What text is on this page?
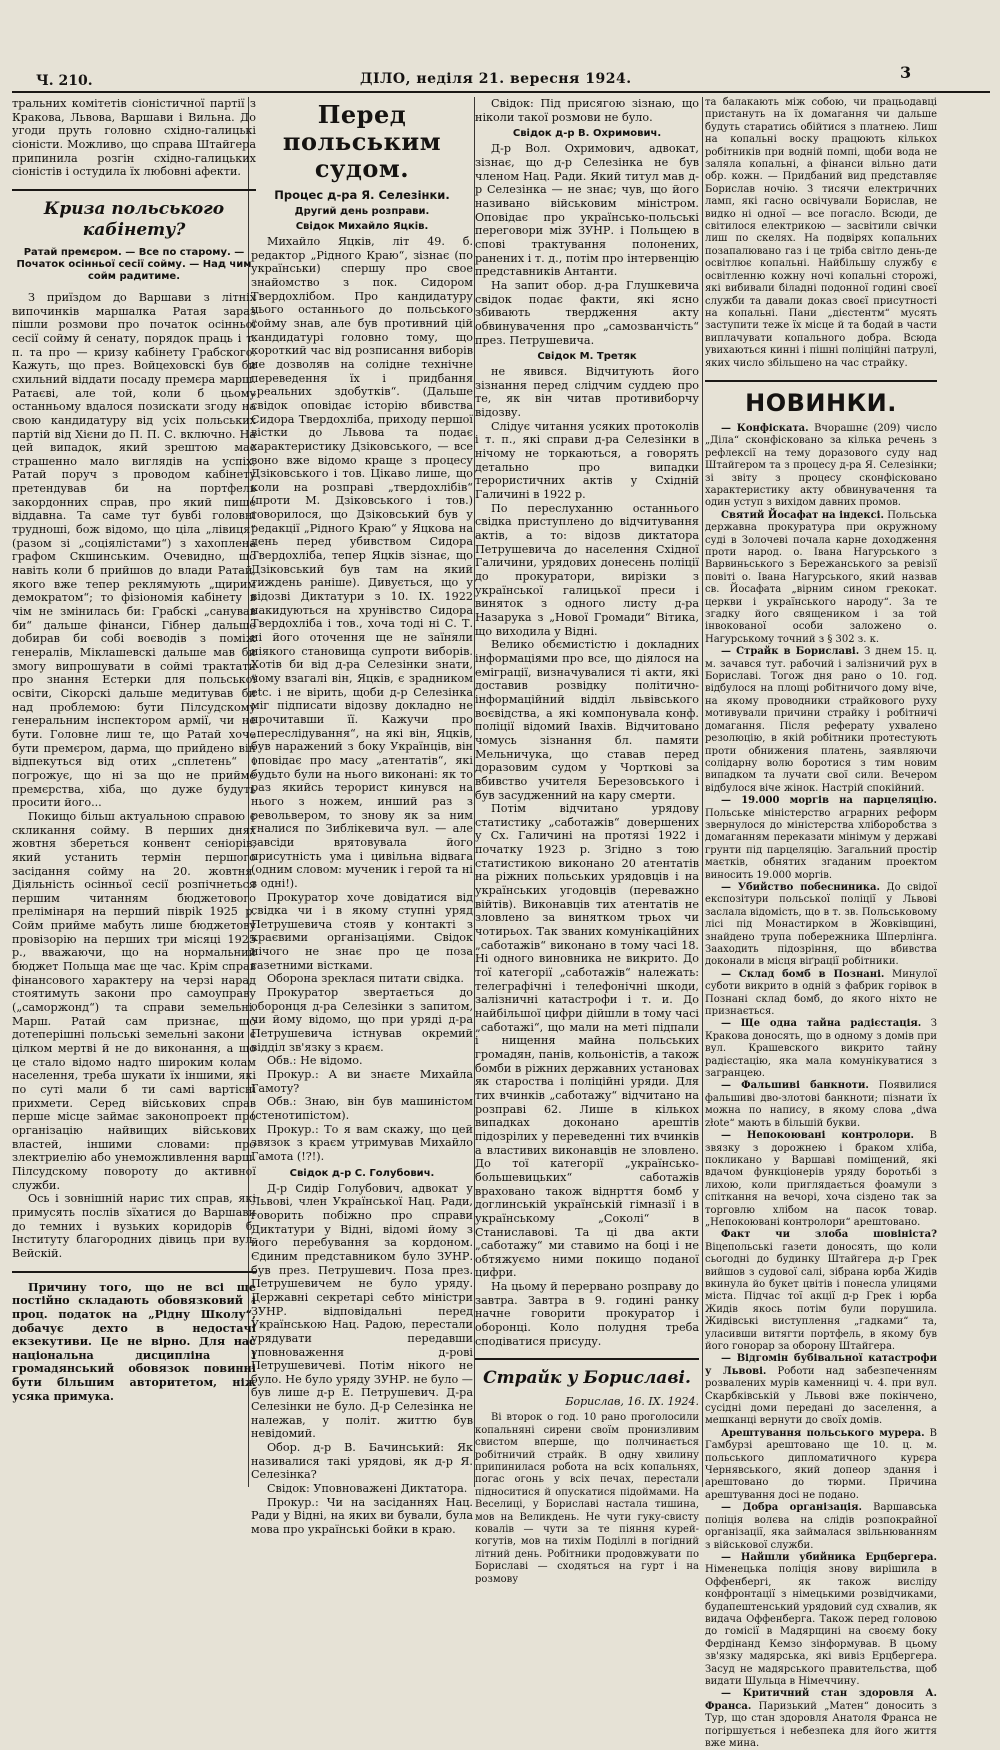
Ч. 210.	ДІЛО, неділя 21. вересня 1924.	3

тральних комітетів сіоністичної партії з Кракова, Львова, Варшави і Вильна. До угоди пруть головно східно-галицькі сіоністи. Можливо, що справа Штайгера припинила розгін східно-галицьких сіоністів і остудила їх любовні афекти.

Криза польського кабінету?
Ратай премєром. — Все по старому. — Початок осінньої сесії сойму. — Над чим сойм радитиме.

З приїздом до Варшави з літніх випочинків маршалка Ратая зараз пішли розмови про початок осінньої сесії сойму й сенату, порядок праць і т. п. та про — кризу кабінету Грабского. Кажуть, що през. Войцеховскі був би схильний віддати посаду премєра марш. Ратаєві, але той, коли б цьому останньому вдалося позискати згоду на свою кандидатуру від усіх польських партій від Хієни до П. П. С. включно. На цей випадок, який зрештою має страшенно мало виглядів на успіх, Ратай поруч з проводом кабінету претендував би на портфель закордонних справ, про який пише віддавна. Та саме тут бувбі головні трудноші, бож відомо, що ціла „лівиця“ (разом зі „соціялістами“) з хахоплена графом Скшинським. Очевидно, що навіть коли б прийшов до влади Ратай, якого вже тепер реклямують „щирим демократом“; то фізіономія кабінету в чім не змінилась би: Грабскі „санував би“ дальше фінанси, Гібнер дальше добирав би собі воєводів з поміж генералів, Міклашевскі дальше мав би змогу випрошувати в соймі трактати про знання Естерки для польської освіти, Сікорскі дальше медитував би над проблемою: бути Пілсудскому генеральним інспектором армії, чи не бути. Головне лиш те, що Ратай хоче бути премєром, дарма, що прийдено він відпекуться від отих „сплетень“ і погрожує, що ні за що не прийме премєрства, хіба, що дуже будуть просити його...

Покищо більш актуальною справою є скликання сойму. В перших днях жовтня збереться конвент сеніорів, який устанить термін першого засідання сойму на 20. жовтня. Діяльність осінньої сесії розпічнеться першим читанням бюджетового прелімінаря на перший півріk 1925 р. Сойм прийме мабуть лише бюджетову провізорію на перших три місяці 1925 р., вважаючи, що на нормальний бюджет Польща має ще час. Крім справ фінансового характеру на черзі нарад стоятимуть закони про самоуправу („саморжонд“) та справи земельні. Марш. Ратай сам признає, що дотеперішні польські земельні закони є цілком мертві й не до виконання, а що це стало відомо надто широким колам населення, треба шукати їх іншими, які по суті мали б ти самі вартісні прихмети. Серед військових справ перше місце займає законопроект про організацію найвищих військових властей, іншими словами: про злектриелію або унеможливлення варш. Пілсудскому повороту до активної служби.

Ось і зовнішній нарис тих справ, які примусять послів зїхатися до Варшави до темних і вузьких коридорів б. Інституту благородних дівиць при вул. Вейскій.

Причину того, що не всі ще постійно складають обовязковий і проц. податок на „Рідну Школу“, добачує дехто в недостачі екзекутиви. Це не вірно. Для нас національна дисципліна і громадянський обовязок повинні бути більшим авторитетом, ніж усяка примука.

Перед польським судом.
Процес д-ра Я. Селезінки.
Другий день розправи.
Свідок Михайло Яцків.

Михайло Яцків, літ 49. б. редактор „Рідного Краю“, зізнає (по українськи) спершу про свое знайомство з пок. Сидором Твердохлібом. Про кандидатуру цього останнього до польського сойму знав, але був противний цій кандидатурі головно тому, що короткий час від розписання виборів не дозволяв на солідне технічне переведення їх і придбання „реальних здобутків“. (Дальше свідок оповідає історію вбивства Сидора Твердохліба, приходу першої вістки до Львова та подає характеристику Дзіковського, — все воно вже відомо краще з процесу Дзіковського і тов. Цікаво лише, що коли на розправі „твердохлібів“ (проти М. Дзіковського і тов.) говорилося, що Дзіковський був у редакції „Рідного Краю“ у Яцкова на день перед убивством Сидора Твердохліба, тепер Яцків зізнає, що Дзіковський був там на який тиждень раніше). Дивується, що у відозві Диктатури з 10. IX. 1922 накидуються на хрунівство Сидора Твердохліба і тов., хоча тоді ні С. Т. ні його оточення ще не заїняли ніякого становища супроти виборів. Хотів би від д-ра Селезінки знати, чому взагалі він, Яцків, є зрадником etc. і не вірить, щоби д-р Селезінка міг підписати відозву докладно не прочитавши її. Кажучи про „переслідування“, на які він, Яцків, був наражений з боку Українців, він оповідає про масу „атентатів“, які будьто були на нього виконані: як то раз якийсь терорист кинувся на нього з ножем, инший раз з револьвером, то знову як за ним гналися по Зиблікевича вул. — але завсіди врятовувала його присутність ума і цивільна відвага (одним словом: мученик і герой та ні з одні!).

Прокуратор хоче довідатися від свідка чи і в якому ступні уряд Петрушевича стояв у контакті з краєвими організаціями. Свідок нічого не знає про це поза газетними вістками.

Оборона зреклася питати свідка.

Прокуратор звертається до оборонця д-ра Селезінки з запитом, чи йому відомо, що при уряді д-ра Петрушевича істнував окремий відділ зв'язку з краєм.

Обв.: Не відомо.

Прокур.: А ви знаєте Михайла Гамоту?

Обв.: Знаю, він був машиністом (стенотипістом).

Прокур.: То я вам скажу, що цей звязок з краєм утримував Михайло Гамота (!?!).

Свідок д-р С. Голубович.

Д-р Сидір Голубович, адвокат у Львові, член Української Нац. Ради, говорить побіжно про справи Диктатури у Відні, відомі йому з його перебування за кордоном. Єдиним представником було ЗУНР. був през. Петрушевич. Поза през. Петрушевичем не було уряду. Державні секретарі себто міністри ЗУНР. відповідальні перед Українською Нац. Радою, перестали урядувати передавши уповноваження д-рові Петрушевичеві. Потім нікого не було. Не було уряду ЗУНР. не було — був лише д-р Е. Петрушевич. Д-ра Селезінки не було. Д-р Селезінка не належав, у політ. життю був невідомий.

Обор. д-р В. Бачинський: Як називалися такі урядові, як д-р Я. Селезінка?

Свідок: Уповноважені Диктатора.

Прокур.: Чи на засіданнях Нац. Ради у Відні, на яких ви бували, була мова про українські бойки в краю.

Свідок: Під присягою зізнаю, що ніколи такої розмови не було.

Свідок д-р В. Охримович.

Д-р Вол. Охримович, адвокат, зізнає, що д-р Селезінка не був членом Нац. Ради. Який титул мав д-р Селезінка — не знає; чув, що його називано військовим міністром. Оповідає про українсько-польські переговори між ЗУНР. і Польщею в спові трактування полонених, ранених і т. д., потім про інтервенцію представників Антанти.

На запит обор. д-ра Глушкевича свідок подає факти, які ясно збивають твердження акту обвинувачення про „самозванчість“ през. Петрушевича.

Свідок М. Третяк

не явився. Відчитують його зізнання перед слідчим суддею про те, як він читав противиборчу відозву.

Слідує читання усяких протоколів і т. п., які справи д-ра Селезінки в нічому не торкаються, а говорять детально про випадки терористичних актів у Східній Галичині в 1922 р.

По переслуханню останнього свідка приступлено до відчитування актів, а то: відозв диктатора Петрушевича до населення Східної Галичини, урядових донесень поліції до прокуратори, вирізки з української галицької преси і виняток з одного листу д-ра Назарука з „Нової Громади“ Вітика, що виходила у Відні.

Велико обємистістю і докладних інформаціями про все, що діялося на еміграції, визначувалися ті акти, які доставив розвідку політично-інформаційний відділ львівського воєвідства, а які компонувала конф. поліції відомий Івахів. Відчитовано чомусь зізнання бл. памяти Мельничука, що ставав перед доразовим судом у Чорткові за вбивство учителя Березовського і був засудженний на кару смерти.

Потім відчитано урядову статистику „саботажів“ довершених у Сх. Галичині на протязі 1922 і початку 1923 р. Згідно з тою статистикою виконано 20 атентатів на ріжних польських урядовців і на українських угодовців (переважно війтів). Виконавців тих атентатів не зловлено за винятком трьох чи чотирьох. Так званих комунікаційних „саботажів“ виконано в тому часі 18. Ні одного виновника не викрито. До тої категорії „саботажів“ належать: телеграфічні і телефонічні шкоди, залізничні катастрофи і т. и. До найбільшої цифри дійшли в тому часі „саботажі“, що мали на меті підпали і нищення майна польських громадян, панів, кольоністів, а також бомби в ріжних державних установах як староства і поліційні уряди. Для тих вчинків „саботажу“ відчитано на розправі 62. Лише в кількох випадках доконано арештів підозрілих у переведенні тих вчинків а властивих виконавців не зловлено. До тої категорії „українсько-большевицьких“ саботажів враховано також віднрття бомб у доглинській українській гімназії і в українському „Соколі“ в Станиславові. Та ці два акти „саботажу“ ми ставимо на боці і не обтяжуємо ними покищо поданої цифри.

На цьому й перервано розправу до завтра. Завтра в 9. годині ранку начне говорити прокуратор і оборонці. Коло полудня треба сподіватися присуду.

Страйк у Бориславі.
Борислав, 16. IX. 1924.

Ві второк о год. 10 рано проголосили копальняні сирени своїм пронизливим свистом вперше, що полчинається робітничий страйк. В одну хвилину припинилася робота на всіх копальнях, погас огонь у всіх печах, перестали підноситися й опускатися підоймами. На Веселиці, у Бориславі настала тишина, мов на Великдень. Не чути гуку-свисту ковалів — чути за те піяння курей-когутів, мов на тихім Поділлі в погідний літний день. Робітники продовжувати по Бориславі — сходяться на гурт і на розмову

та балакають між собою, чи працьодавці пристануть на їх домагання чи дальше будуть старатись обійтися з платнею. Лиш на копальні воску працюють кількох робітників при водній помпі, щоби вода не заляла копальні, а фінанси вільно дати обр. кожн. — Придбаний вид представляє Борислав ночію. З тисячи електричних ламп, які гасно освічували Борислав, не видко ні одної — все погасло. Всюди, де світилося електрикою — засвітили свічки лиш по скелях. На подвірях копальних позапалювано газ і це тріба світло день-де освітлює копальні. Найбільшу службу є освітленню кожну ночі копальні сторожі, які вибивали біладні подонної годині своєї служби та давали доказ своєї присутності на копальні. Пани „дієстентм“ мусять заступити теже їх місце й та бодай в части виплачувати копального добра. Всюда увихаються кинні і пішні поліційні патрулі, яких число збільшено на час страйку.

НОВИНКИ.

— Конфіската. Вчорашнє (209) число „Діла“ сконфісковано за кілька речень з рефлексії на тему доразового суду над Штайгером та з процесу д-ра Я. Селезінки; зі звіту з процесу сконфісковано характеристику акту обвинувачення та один уступ з вихідом давних промов.

Святий Йосафат на індексі. Польська державна прокуратура при окружному суді в Золочеві почала карне доходження проти народ. о. Івана Нагурського з Варвиньського з Бережанського за ревізії повіті о. Івана Нагурського, який назвав св. Йосафата „вірним сином грекокат. церкви і українського народу“. За те згадку його священиком і за той інвокованої особи заложено о. Нагурському точний з § 302 з. к.

— Страйк в Бориславі. З днем 15. ц. м. зачався тут. рабочий і залізничий рух в Бориславі. Тогож дня рано о 10. год. відбулося на площі робітничого дому віче, на якому проводники страйкового руху мотивували причини страйку і робітничі домагання. Після реферату ухвалено резолюцію, в якій робітники протестують проти обнижения платень, заявляючи солідарну волю боротися з тим новим випадком та лучати свої сили. Вечером відбулося віче жінок. Настрій спокійний.

— 19.000 моргів на парцеляцію. Польське міністерство аграрних реформ звернулося до міністерства хліборобства з домаганням переказати мінімум у державі грунти під парцеляцію. Загальний простір маєтків, обнятих згаданим проектом виносить 19.000 моргів.

— Убийство побесниника. До свідої експозітури польської поліції у Львові заслала відомість, що в т. зв. Польськовому лісі під Монастирком в Жовківщині, знайдено трупа побережника Шперлінга. Зааходить підозріння, що вбивства доконали в місця віґрації робітники.

— Склад бомб в Познані. Минулої суботи викрито в одній з фабрик горівок в Познані склад бомб, до якого ніхто не признається.

— Ще одна тайна радієстація. З Кракова доносять, що в одному з домів при вул. Крашевского викрито тайну радієстацію, яка мала комунікуватися з загранцею.

— Фальшиві банкноти. Появилися фальшиві дво-злотові банкноти; пізнати їх можна по напису, в якому слова „dwa złote“ мають в більшій букви.

— Непокоювані контролори. В звязку з дорожнею і браком хліба, покликано у Варшаві поміщений, які вдачом функціонерів уряду боротьбі з лихою, коли приглядається фоамули з спіткання на вечорі, хоча сіздено так за торговлю хлібом на пасок товар. „Непокоювані контролори“ арештовано.

Факт чи злоба шовініста? Віцепольські газети доносять, що коли сьогодні до будинку Штайгера д-р Грек вийшов з судової салі, зібрана юрба Жидів вкинула йо букет цвітів і понесла улицями міста. Підчас тої акції д-р Грек і юрба Жидів якось потім були порушила. Жидівські виступлення „гадками“ та, уласивши витягти портфель, в якому був його гонорар за оборону Штайгера.

— Відгомін бубівальної катастрофи у Львові. Роботи над забезпеченням розвалених мурів каменниці ч. 4. при вул. Скарбківській у Львові вже покінчено, сусідні доми передані до заселення, а мешканці вернути до своїх домів.

Арештування польського мурера. В Гамбурзі арештовано ще 10. ц. м. польського дипломатичного курєра Чернявського, який допеор здання і арештовано до тюрми. Причина арештування досі не подано.

— Добра організація. Варшавська поліція волєва на слідів розпокрайної організації, яка займалася звільнюванням з військової служби.

— Найшли убийника Ерцбергера. Німенецька поліція знову вирішила в Оффенбергі, як також висліду конфронтації з німецькими розвідчиками, будапештенський урядовий суд схвалив, як видача Оффенберга. Також перед головою до гомісії в Мадярщині на своєму боку Фердінанд Кемзо зінформував. В цьому зв'язку мадярська, які вивіз Ерцбергера. Засуд не мадярського правительства, щоб видати Шульца в Німеччину.

— Критичний стан здоровля А. Франса. Паризький „Матен“ доносить з Тур, що стан здоровля Анатоля Франса не погіршується і небезпека для його життя вже мина.
